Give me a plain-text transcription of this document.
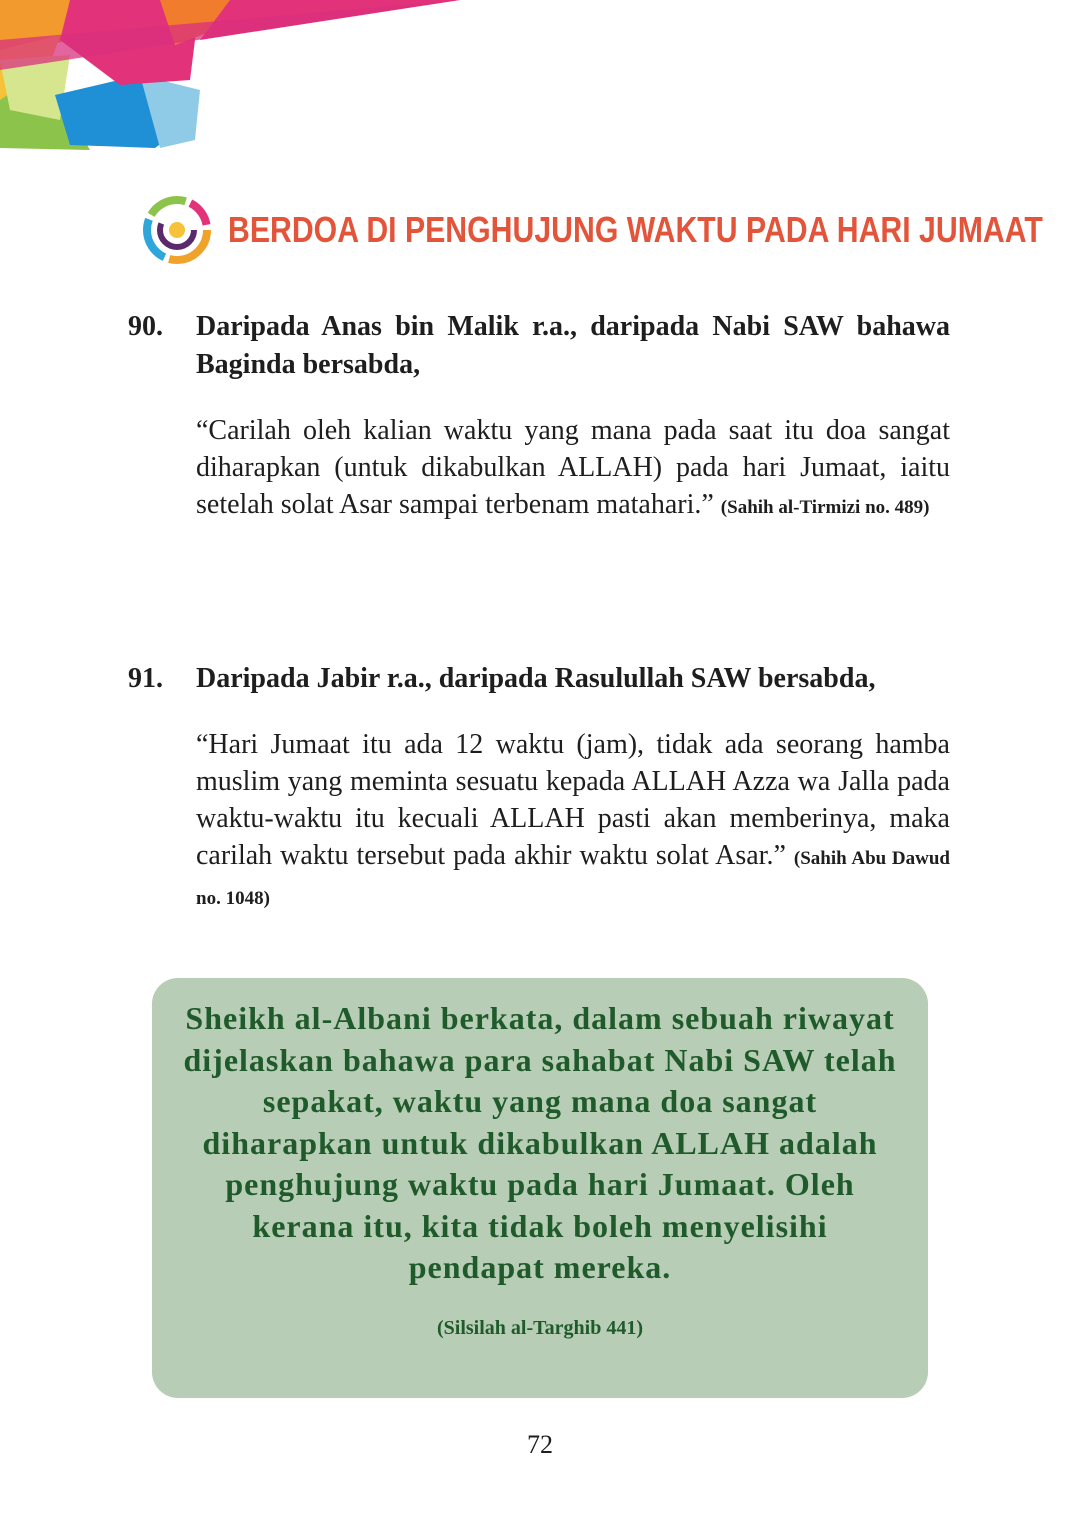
BERDOA DI PENGHUJUNG WAKTU PADA HARI JUMAAT
90.	Daripada Anas bin Malik r.a., daripada Nabi SAW bahawa Baginda bersabda,

“Carilah oleh kalian waktu yang mana pada saat itu doa sangat diharapkan (untuk dikabulkan ALLAH) pada hari Jumaat, iaitu setelah solat Asar sampai terbenam matahari.” (Sahih al-Tirmizi no. 489)

91.	Daripada Jabir r.a., daripada Rasulullah SAW bersabda,

“Hari Jumaat itu ada 12 waktu (jam), tidak ada seorang hamba muslim yang meminta sesuatu kepada ALLAH Azza wa Jalla pada waktu-waktu itu kecuali ALLAH pasti akan memberinya, maka carilah waktu tersebut pada akhir waktu solat Asar.” (Sahih Abu Dawud no. 1048)

Sheikh al-Albani berkata, dalam sebuah riwayat dijelaskan bahawa para sahabat Nabi SAW telah sepakat, waktu yang mana doa sangat diharapkan untuk dikabulkan ALLAH adalah penghujung waktu pada hari Jumaat. Oleh kerana itu, kita tidak boleh menyelisihi pendapat mereka.
(Silsilah al-Targhib 441)
72
